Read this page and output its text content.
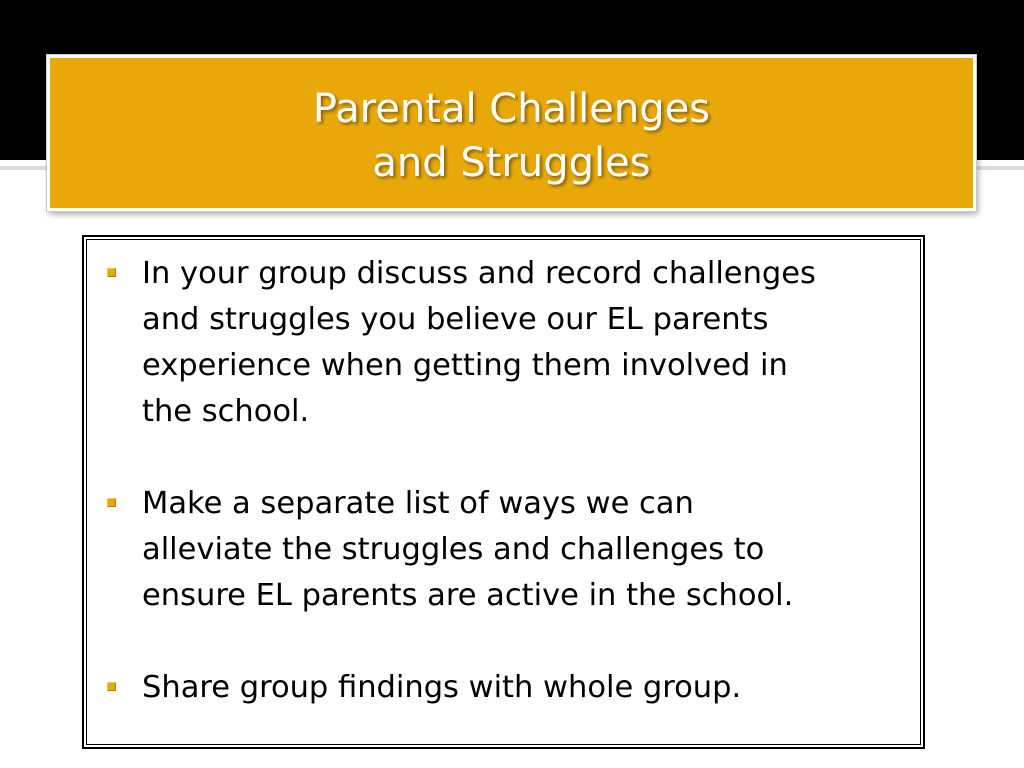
Parental Challenges
and Struggles
In your group discuss and record challenges
and struggles you believe our EL parents
experience when getting them involved in
the school.
Make a separate list of ways we can
alleviate the struggles and challenges to
ensure EL parents are active in the school.
Share group findings with whole group.
